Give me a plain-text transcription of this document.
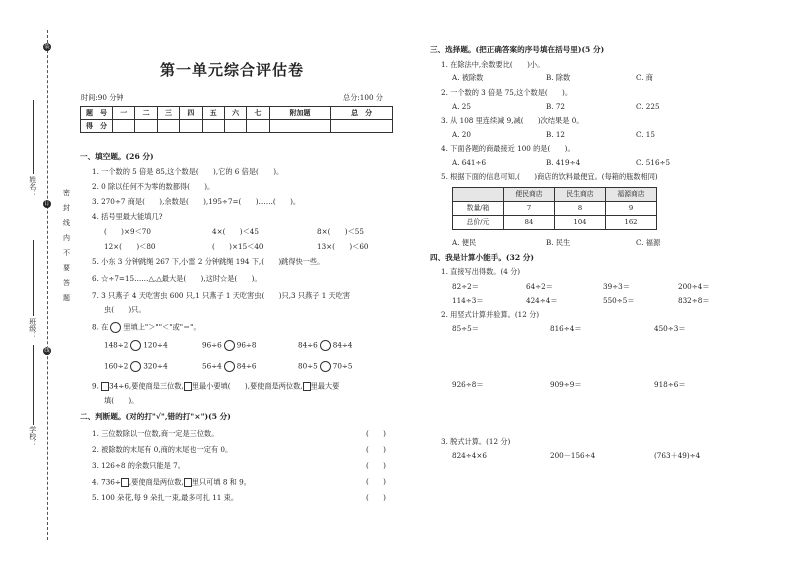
姓名：
班级：
学校：
密
封
线
内
不
要
答
题
装
订
线
第一单元综合评估卷
时间:90 分钟	总分:100 分
题　号	一	二	三	四	五	六	七	附加题	总　分
得　分									
一、填空题。(26 分)
1. 一个数的 5 倍是 85,这个数是(　　),它的 6 倍是(　　)。
2. 0 除以任何不为零的数都得(　　)。
3. 270÷7 商是(　　),余数是(　　),195÷7=(　　)……(　　)。
4. 括号里最大能填几?
(　　)×9＜70	4×(　　)＜45	8×(　　)＜55
12×(　　)＜80	(　　)×15＜40	13×(　　)＜60
5. 小东 3 分钟跳绳 267 下,小雷 2 分钟跳绳 194 下,(　　)跳得快一些。
6. ☆÷7=15……△,△最大是(　　),这时☆是(　　)。
7. 3 只燕子 4 天吃害虫 600 只,1 只燕子 1 天吃害虫(　　)只,3 只燕子 1 天吃害
虫(　　)只。
8. 在 里填上"＞""＜"或"＝"。
148÷2 120÷4	96÷6 96÷8	84÷6 84÷4
160÷2 320÷4	56÷4 84÷6	80÷5 70÷5
9. 34÷6,要使商是三位数, 里最小要填(　　),要使商是两位数, 里最大要
填(　　)。
二、判断题。(对的打"√",错的打"×")(5 分)
1. 三位数除以一位数,商一定是三位数。
2. 被除数的末尾有 0,商的末尾也一定有 0。
3. 126÷8 的余数只能是 7。
4. 736÷ ,要使商是两位数, 里只可填 8 和 9。
5. 100 朵花,每 9 朵扎一束,最多可扎 11 束。
(　　)
(　　)
(　　)
(　　)
(　　)
三、选择题。(把正确答案的序号填在括号里)(5 分)
1. 在除法中,余数要比(　　)小。
A. 被除数	B. 除数	C. 商
2. 一个数的 3 倍是 75,这个数是(　　)。
A. 25	B. 72	C. 225
3. 从 108 里连续减 9,减(　　)次结果是 0。
A. 20	B. 12	C. 15
4. 下面各题的商最接近 100 的是(　　)。
A. 641÷6	B. 419÷4	C. 516÷5
5. 根据下面的信息可知,(　　)商店的饮料最便宜。(每箱的瓶数相同)
	便民商店	民生商店	福源商店
数量/箱	7	8	9
总价/元	84	104	162
A. 便民	B. 民生	C. 福源
四、我是计算小能手。(32 分)
1. 直接写出得数。(4 分)
82÷2＝	64÷2＝	39÷3＝	200÷4＝
114÷3＝	424÷4＝	550÷5＝	832÷8＝
2. 用竖式计算并验算。(12 分)
85÷5＝	816÷4＝	450÷3＝
926÷8＝	909÷9＝	918÷6＝
3. 脱式计算。(12 分)
824÷4×6	200－156÷4	(763＋49)÷4
